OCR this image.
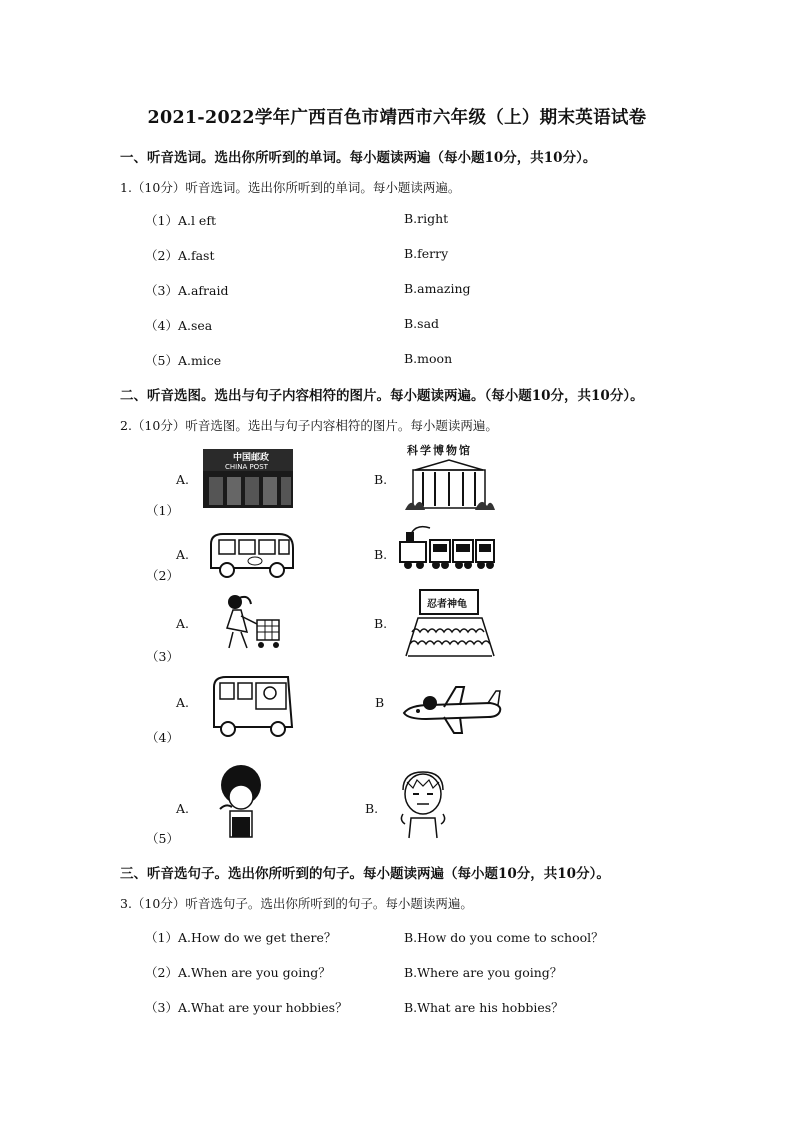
2021-2022学年广西百色市靖西市六年级（上）期末英语试卷
一、听音选词。选出你所听到的单词。每小题读两遍（每小题10分，共10分）。
1.（10分）听音选词。选出你所听到的单词。每小题读两遍。
（1）A.l eft	B.right
（2）A.fast	B.ferry
（3）A.afraid	B.amazing
（4）A.sea	B.sad
（5）A.mice	B.moon
二、听音选图。选出与句子内容相符的图片。每小题读两遍。（每小题10分，共10分）。
2.（10分）听音选图。选出与句子内容相符的图片。每小题读两遍。
A.
中国邮政
CHINA POST
（1）
B.
科学博物馆
A.
（2）
B.
A.
（3）
B.
忍者神龟
A.
（4）
B
A.
（5）
B.
三、听音选句子。选出你所听到的句子。每小题读两遍（每小题10分，共10分）。
3.（10分）听音选句子。选出你所听到的句子。每小题读两遍。
（1）A.How do we get there？	B.How do you come to school？
（2）A.When are you going？	B.Where are you going？
（3）A.What are your hobbies？	B.What are his hobbies？
